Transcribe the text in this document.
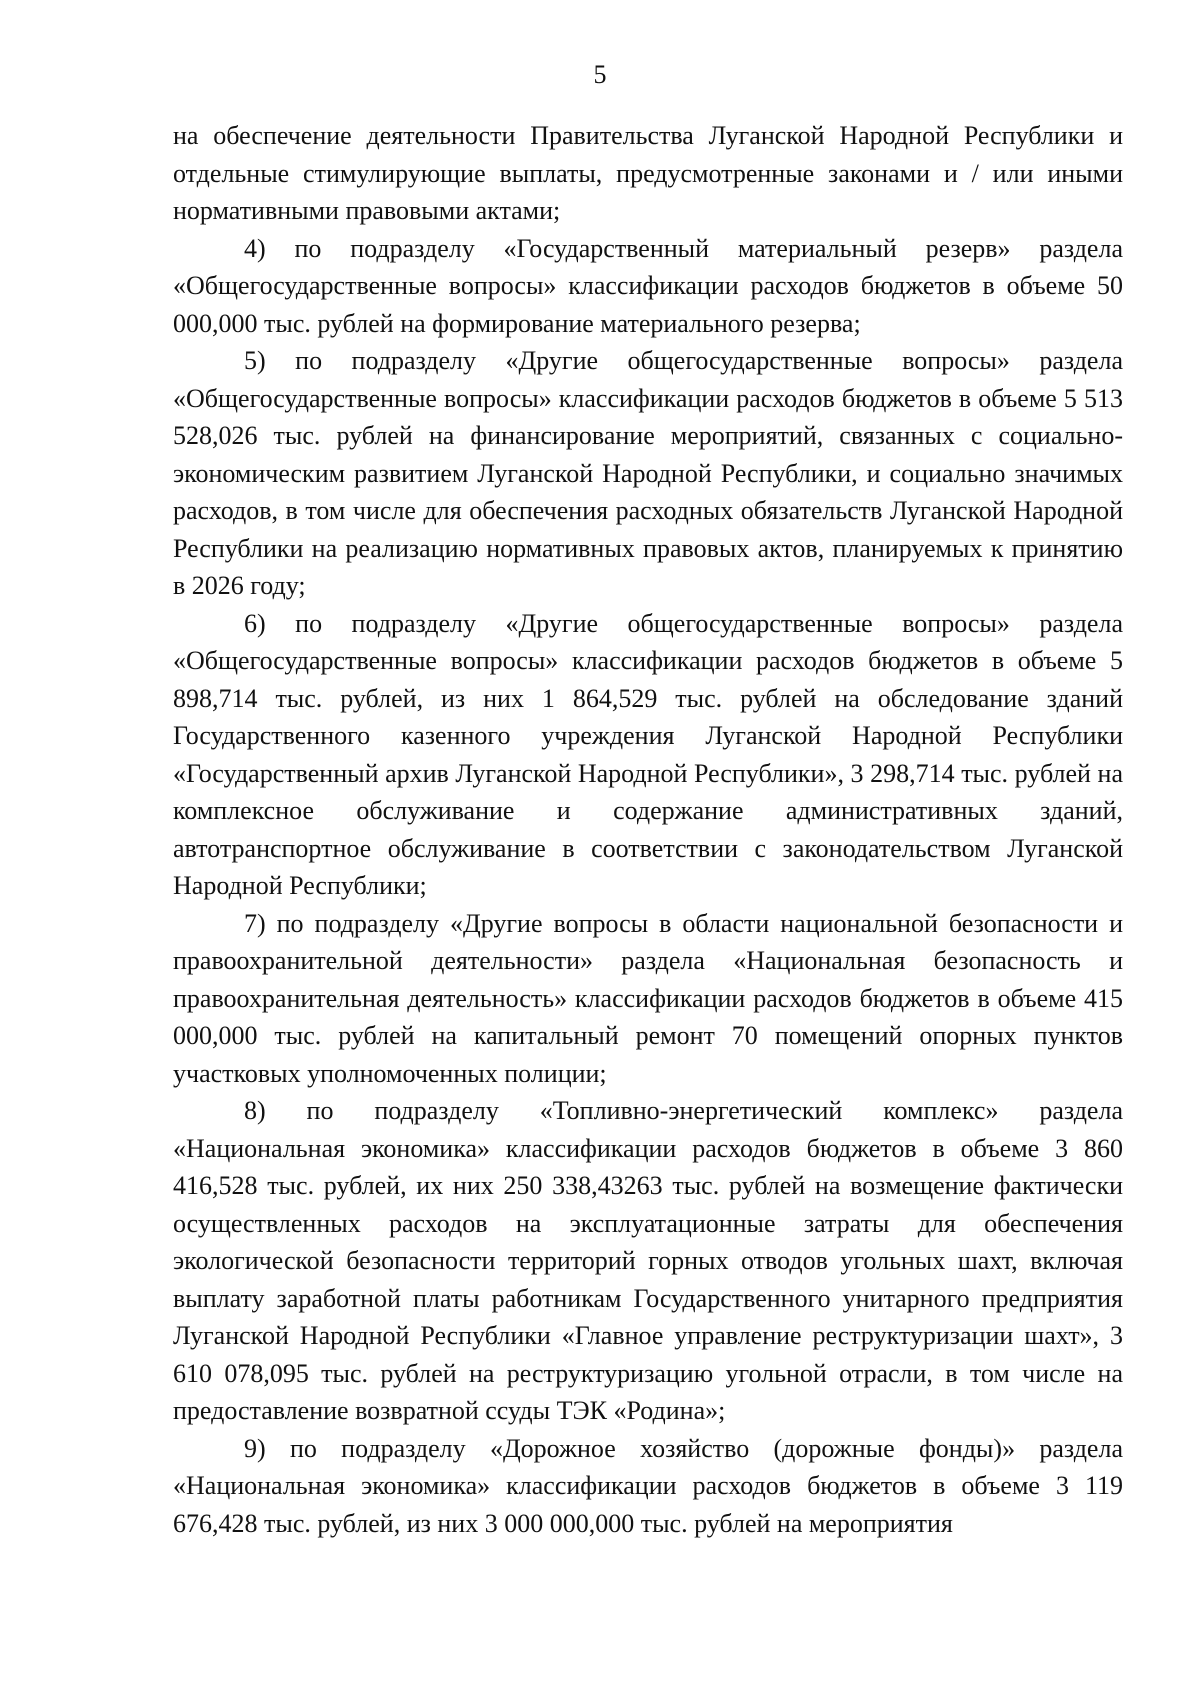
5

на обеспечение деятельности Правительства Луганской Народной Республики и отдельные стимулирующие выплаты, предусмотренные законами и / или иными нормативными правовыми актами;

4) по подразделу «Государственный материальный резерв» раздела «Общегосударственные вопросы» классификации расходов бюджетов в объеме 50 000,000 тыс. рублей на формирование материального резерва;

5) по подразделу «Другие общегосударственные вопросы» раздела «Общегосударственные вопросы» классификации расходов бюджетов в объеме 5 513 528,026 тыс. рублей на финансирование мероприятий, связанных с социально-экономическим развитием Луганской Народной Республики, и социально значимых расходов, в том числе для обеспечения расходных обязательств Луганской Народной Республики на реализацию нормативных правовых актов, планируемых к принятию в 2026 году;

6) по подразделу «Другие общегосударственные вопросы» раздела «Общегосударственные вопросы» классификации расходов бюджетов в объеме 5 898,714 тыс. рублей, из них 1 864,529 тыс. рублей на обследование зданий Государственного казенного учреждения Луганской Народной Республики «Государственный архив Луганской Народной Республики», 3 298,714 тыс. рублей на комплексное обслуживание и содержание административных зданий, автотранспортное обслуживание в соответствии с законодательством Луганской Народной Республики;

7) по подразделу «Другие вопросы в области национальной безопасности и правоохранительной деятельности» раздела «Национальная безопасность и правоохранительная деятельность» классификации расходов бюджетов в объеме 415 000,000 тыс. рублей на капитальный ремонт 70 помещений опорных пунктов участковых уполномоченных полиции;

8) по подразделу «Топливно-энергетический комплекс» раздела «Национальная экономика» классификации расходов бюджетов в объеме 3 860 416,528 тыс. рублей, их них 250 338,43263 тыс. рублей на возмещение фактически осуществленных расходов на эксплуатационные затраты для обеспечения экологической безопасности территорий горных отводов угольных шахт, включая выплату заработной платы работникам Государственного унитарного предприятия Луганской Народной Республики «Главное управление реструктуризации шахт», 3 610 078,095 тыс. рублей на реструктуризацию угольной отрасли, в том числе на предоставление возвратной ссуды ТЭК «Родина»;

9) по подразделу «Дорожное хозяйство (дорожные фонды)» раздела «Национальная экономика» классификации расходов бюджетов в объеме 3 119 676,428 тыс. рублей, из них 3 000 000,000 тыс. рублей на мероприятия
